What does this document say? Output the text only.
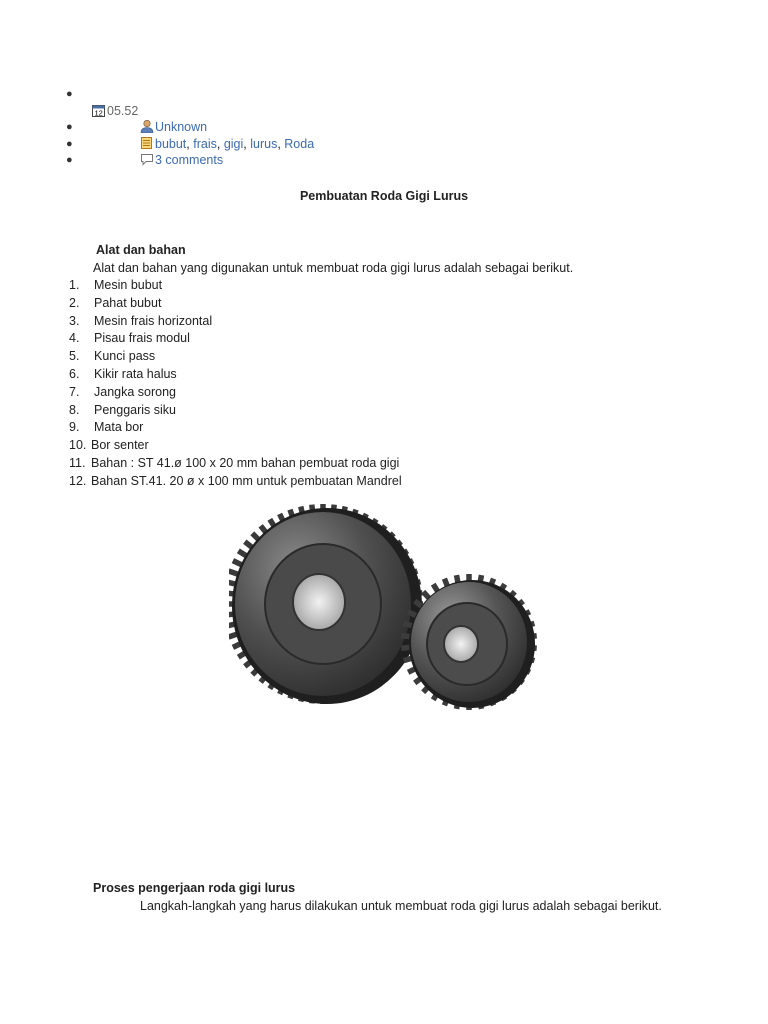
●
12 05.52
●	Unknown
●	bubut, frais, gigi, lurus, Roda
●	3 comments
Pembuatan Roda Gigi Lurus
Alat dan bahan
Alat dan bahan yang digunakan untuk membuat roda gigi lurus adalah sebagai berikut.
1. Mesin bubut
2. Pahat bubut
3. Mesin frais horizontal
4. Pisau frais modul
5. Kunci pass
6. Kikir rata halus
7. Jangka sorong
8. Penggaris siku
9. Mata bor
10. Bor senter
11. Bahan : ST 41.ø 100 x 20 mm bahan pembuat roda gigi
12. Bahan ST.41. 20 ø x 100 mm untuk pembuatan Mandrel
Proses pengerjaan roda gigi lurus
Langkah-langkah yang harus dilakukan untuk membuat roda gigi lurus adalah sebagai berikut.
